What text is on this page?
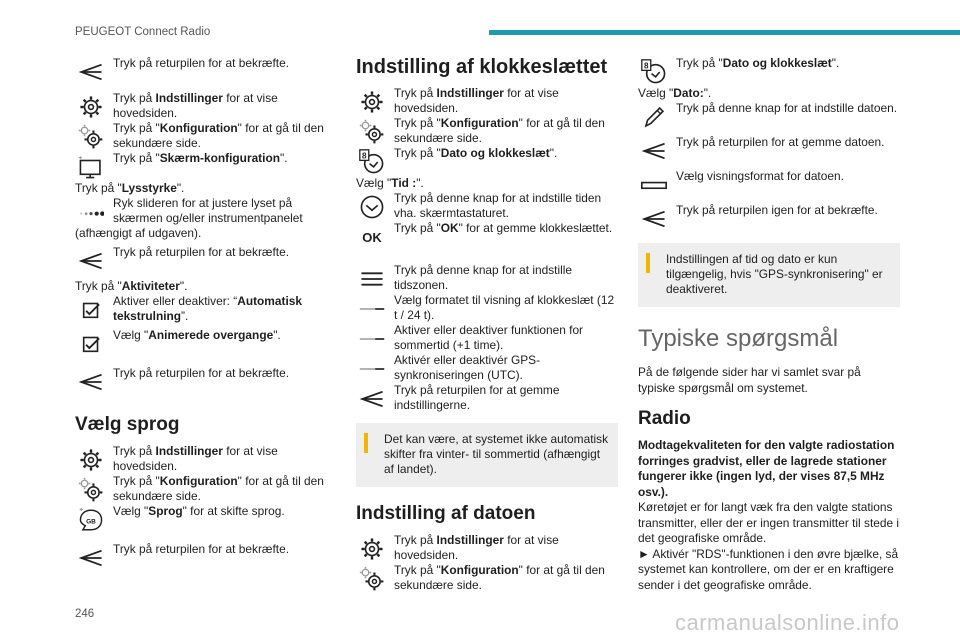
PEUGEOT Connect Radio
Tryk på returpilen for at bekræfte.
Tryk på Indstillinger for at vise hovedsiden.
Tryk på "Konfiguration" for at gå til den sekundære side.
Tryk på "Skærm-konfiguration".

Tryk på "Lysstyrke".

Ryk slideren for at justere lyset på skærmen og/eller instrumentpanelet (afhængigt af udgaven).
Tryk på returpilen for at bekræfte.

Tryk på "Aktiviteter".

Aktiver eller deaktiver: “Automatisk tekstrulning”.
Vælg "Animerede overgange".
Tryk på returpilen for at bekræfte.
Vælg sprog
Tryk på Indstillinger for at vise hovedsiden.
Tryk på "Konfiguration" for at gå til den sekundære side.
Vælg "Sprog" for at skifte sprog.
Tryk på returpilen for at bekræfte.
Indstilling af klokkeslættet
Tryk på Indstillinger for at vise hovedsiden.
Tryk på "Konfiguration" for at gå til den sekundære side.
Tryk på "Dato og klokkeslæt".

Vælg "Tid :".

Tryk på denne knap for at indstille tiden vha. skærmtastaturet.
OK
Tryk på "OK" for at gemme klokkeslættet.
Tryk på denne knap for at indstille tidszonen.
Vælg formatet til visning af klokkeslæt (12 t / 24 t).
Aktiver eller deaktiver funktionen for sommertid (+1 time).
Aktivér eller deaktivér GPS-synkroniseringen (UTC).
Tryk på returpilen for at gemme indstillingerne.
Det kan være, at systemet ikke automatisk skifter fra vinter- til sommertid (afhængigt af landet).
Indstilling af datoen
Tryk på Indstillinger for at vise hovedsiden.
Tryk på "Konfiguration" for at gå til den sekundære side.
Tryk på "Dato og klokkeslæt".

Vælg "Dato:".

Tryk på denne knap for at indstille datoen.
Tryk på returpilen for at gemme datoen.
Vælg visningsformat for datoen.
Tryk på returpilen igen for at bekræfte.
Indstillingen af tid og dato er kun tilgængelig, hvis "GPS-synkronisering" er deaktiveret.
Typiske spørgsmål

På de følgende sider har vi samlet svar på typiske spørgsmål om systemet.

Radio

Modtagekvaliteten for den valgte radiostation forringes gradvist, eller de lagrede stationer fungerer ikke (ingen lyd, der vises 87,5 MHz osv.).

Køretøjet er for langt væk fra den valgte stations transmitter, eller der er ingen transmitter til stede i det geografiske område.

► Aktivér "RDS"-funktionen i den øvre bjælke, så systemet kan kontrollere, om der er en kraftigere sender i det geografiske område.

246	carmanualsonline.info
